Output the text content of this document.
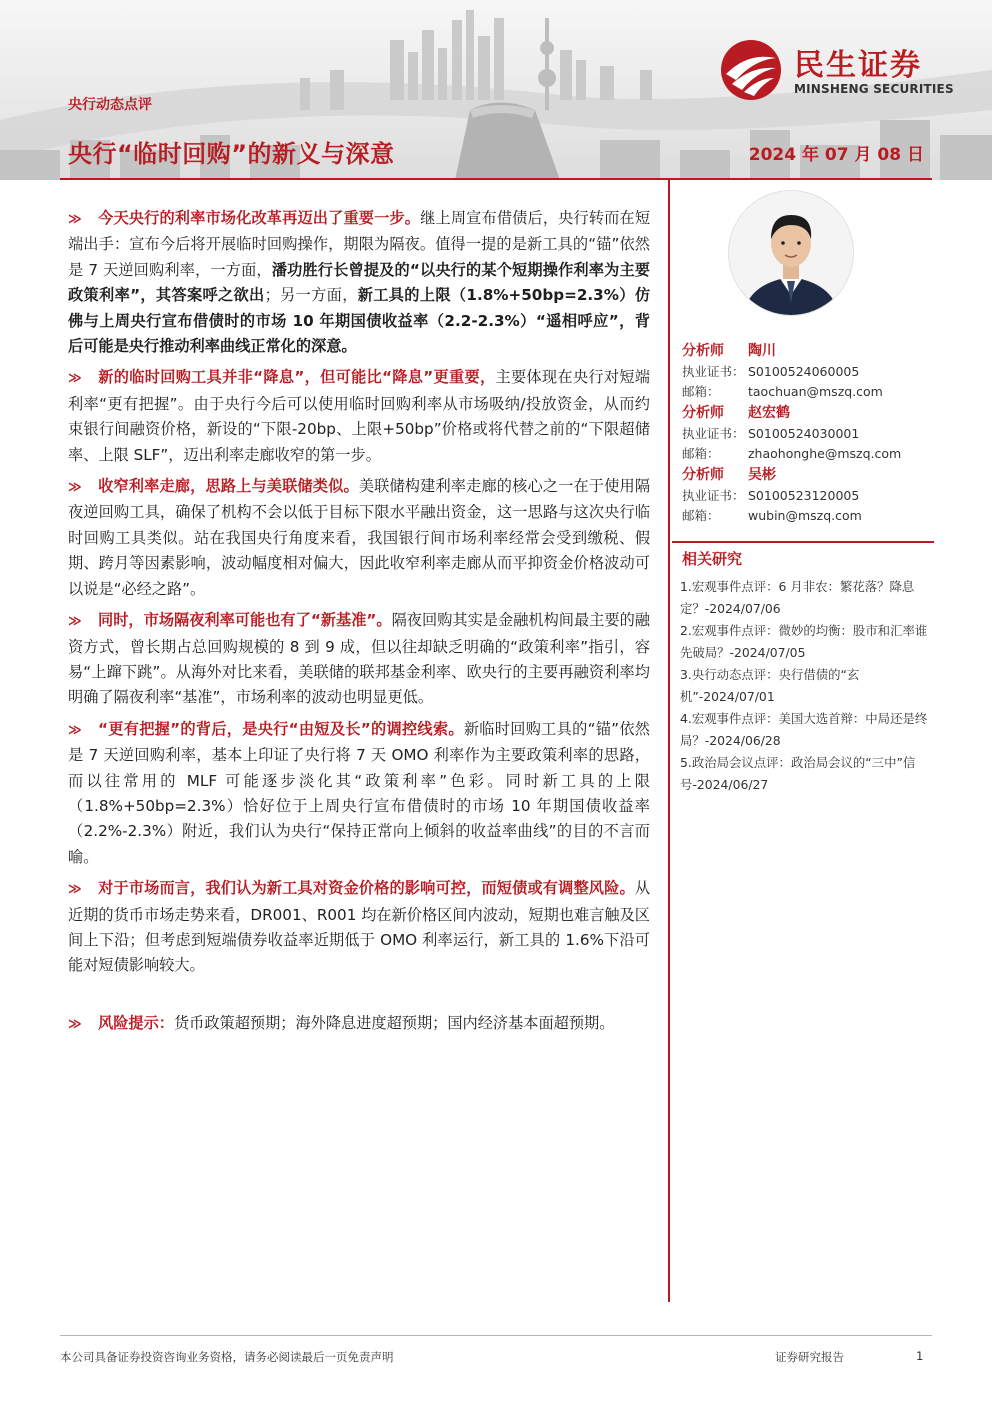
民生证券
MINSHENG SECURITIES
央行动态点评
央行“临时回购”的新义与深意	2024 年 07 月 08 日

≫ 今天央行的利率市场化改革再迈出了重要一步。继上周宣布借债后，央行转而在短端出手：宣布今后将开展临时回购操作，期限为隔夜。值得一提的是新工具的“锚”依然是 7 天逆回购利率，一方面，潘功胜行长曾提及的“以央行的某个短期操作利率为主要政策利率”，其答案呼之欲出；另一方面，新工具的上限（1.8%+50bp=2.3%）仿佛与上周央行宣布借债时的市场 10 年期国债收益率（2.2-2.3%）“遥相呼应”，背后可能是央行推动利率曲线正常化的深意。

≫ 新的临时回购工具并非“降息”，但可能比“降息”更重要，主要体现在央行对短端利率“更有把握”。由于央行今后可以使用临时回购利率从市场吸纳/投放资金，从而约束银行间融资价格，新设的“下限-20bp、上限+50bp”价格或将代替之前的“下限超储率、上限 SLF”，迈出利率走廊收窄的第一步。

≫ 收窄利率走廊，思路上与美联储类似。美联储构建利率走廊的核心之一在于使用隔夜逆回购工具，确保了机构不会以低于目标下限水平融出资金，这一思路与这次央行临时回购工具类似。站在我国央行角度来看，我国银行间市场利率经常会受到缴税、假期、跨月等因素影响，波动幅度相对偏大，因此收窄利率走廊从而平抑资金价格波动可以说是“必经之路”。

≫ 同时，市场隔夜利率可能也有了“新基准”。隔夜回购其实是金融机构间最主要的融资方式，曾长期占总回购规模的 8 到 9 成，但以往却缺乏明确的“政策利率”指引，容易“上蹿下跳”。从海外对比来看，美联储的联邦基金利率、欧央行的主要再融资利率均明确了隔夜利率“基准”，市场利率的波动也明显更低。

≫ “更有把握”的背后，是央行“由短及长”的调控线索。新临时回购工具的“锚”依然是 7 天逆回购利率，基本上印证了央行将 7 天 OMO 利率作为主要政策利率的思路，而以往常用的 MLF 可能逐步淡化其“政策利率”色彩。同时新工具的上限（1.8%+50bp=2.3%）恰好位于上周央行宣布借债时的市场 10 年期国债收益率（2.2%-2.3%）附近，我们认为央行“保持正常向上倾斜的收益率曲线”的目的不言而喻。

≫ 对于市场而言，我们认为新工具对资金价格的影响可控，而短债或有调整风险。从近期的货币市场走势来看，DR001、R001 均在新价格区间内波动，短期也难言触及区间上下沿；但考虑到短端债券收益率近期低于 OMO 利率运行，新工具的 1.6%下沿可能对短债影响较大。

≫ 风险提示：货币政策超预期；海外降息进度超预期；国内经济基本面超预期。

分析师 陶川
执业证书： S0100524060005
邮箱： taochuan@mszq.com
分析师 赵宏鹤
执业证书： S0100524030001
邮箱： zhaohonghe@mszq.com
分析师 吴彬
执业证书： S0100523120005
邮箱： wubin@mszq.com
相关研究

1.宏观事件点评：6 月非农：繁花落？降息定？-2024/07/06

2.宏观事件点评：微妙的均衡：股市和汇率谁先破局？-2024/07/05

3.央行动态点评：央行借债的“玄机”-2024/07/01

4.宏观事件点评：美国大选首辩：中局还是终局？-2024/06/28

5.政治局会议点评：政治局会议的“三中”信号-2024/06/27

本公司具备证券投资咨询业务资格，请务必阅读最后一页免责声明	证券研究报告	1
